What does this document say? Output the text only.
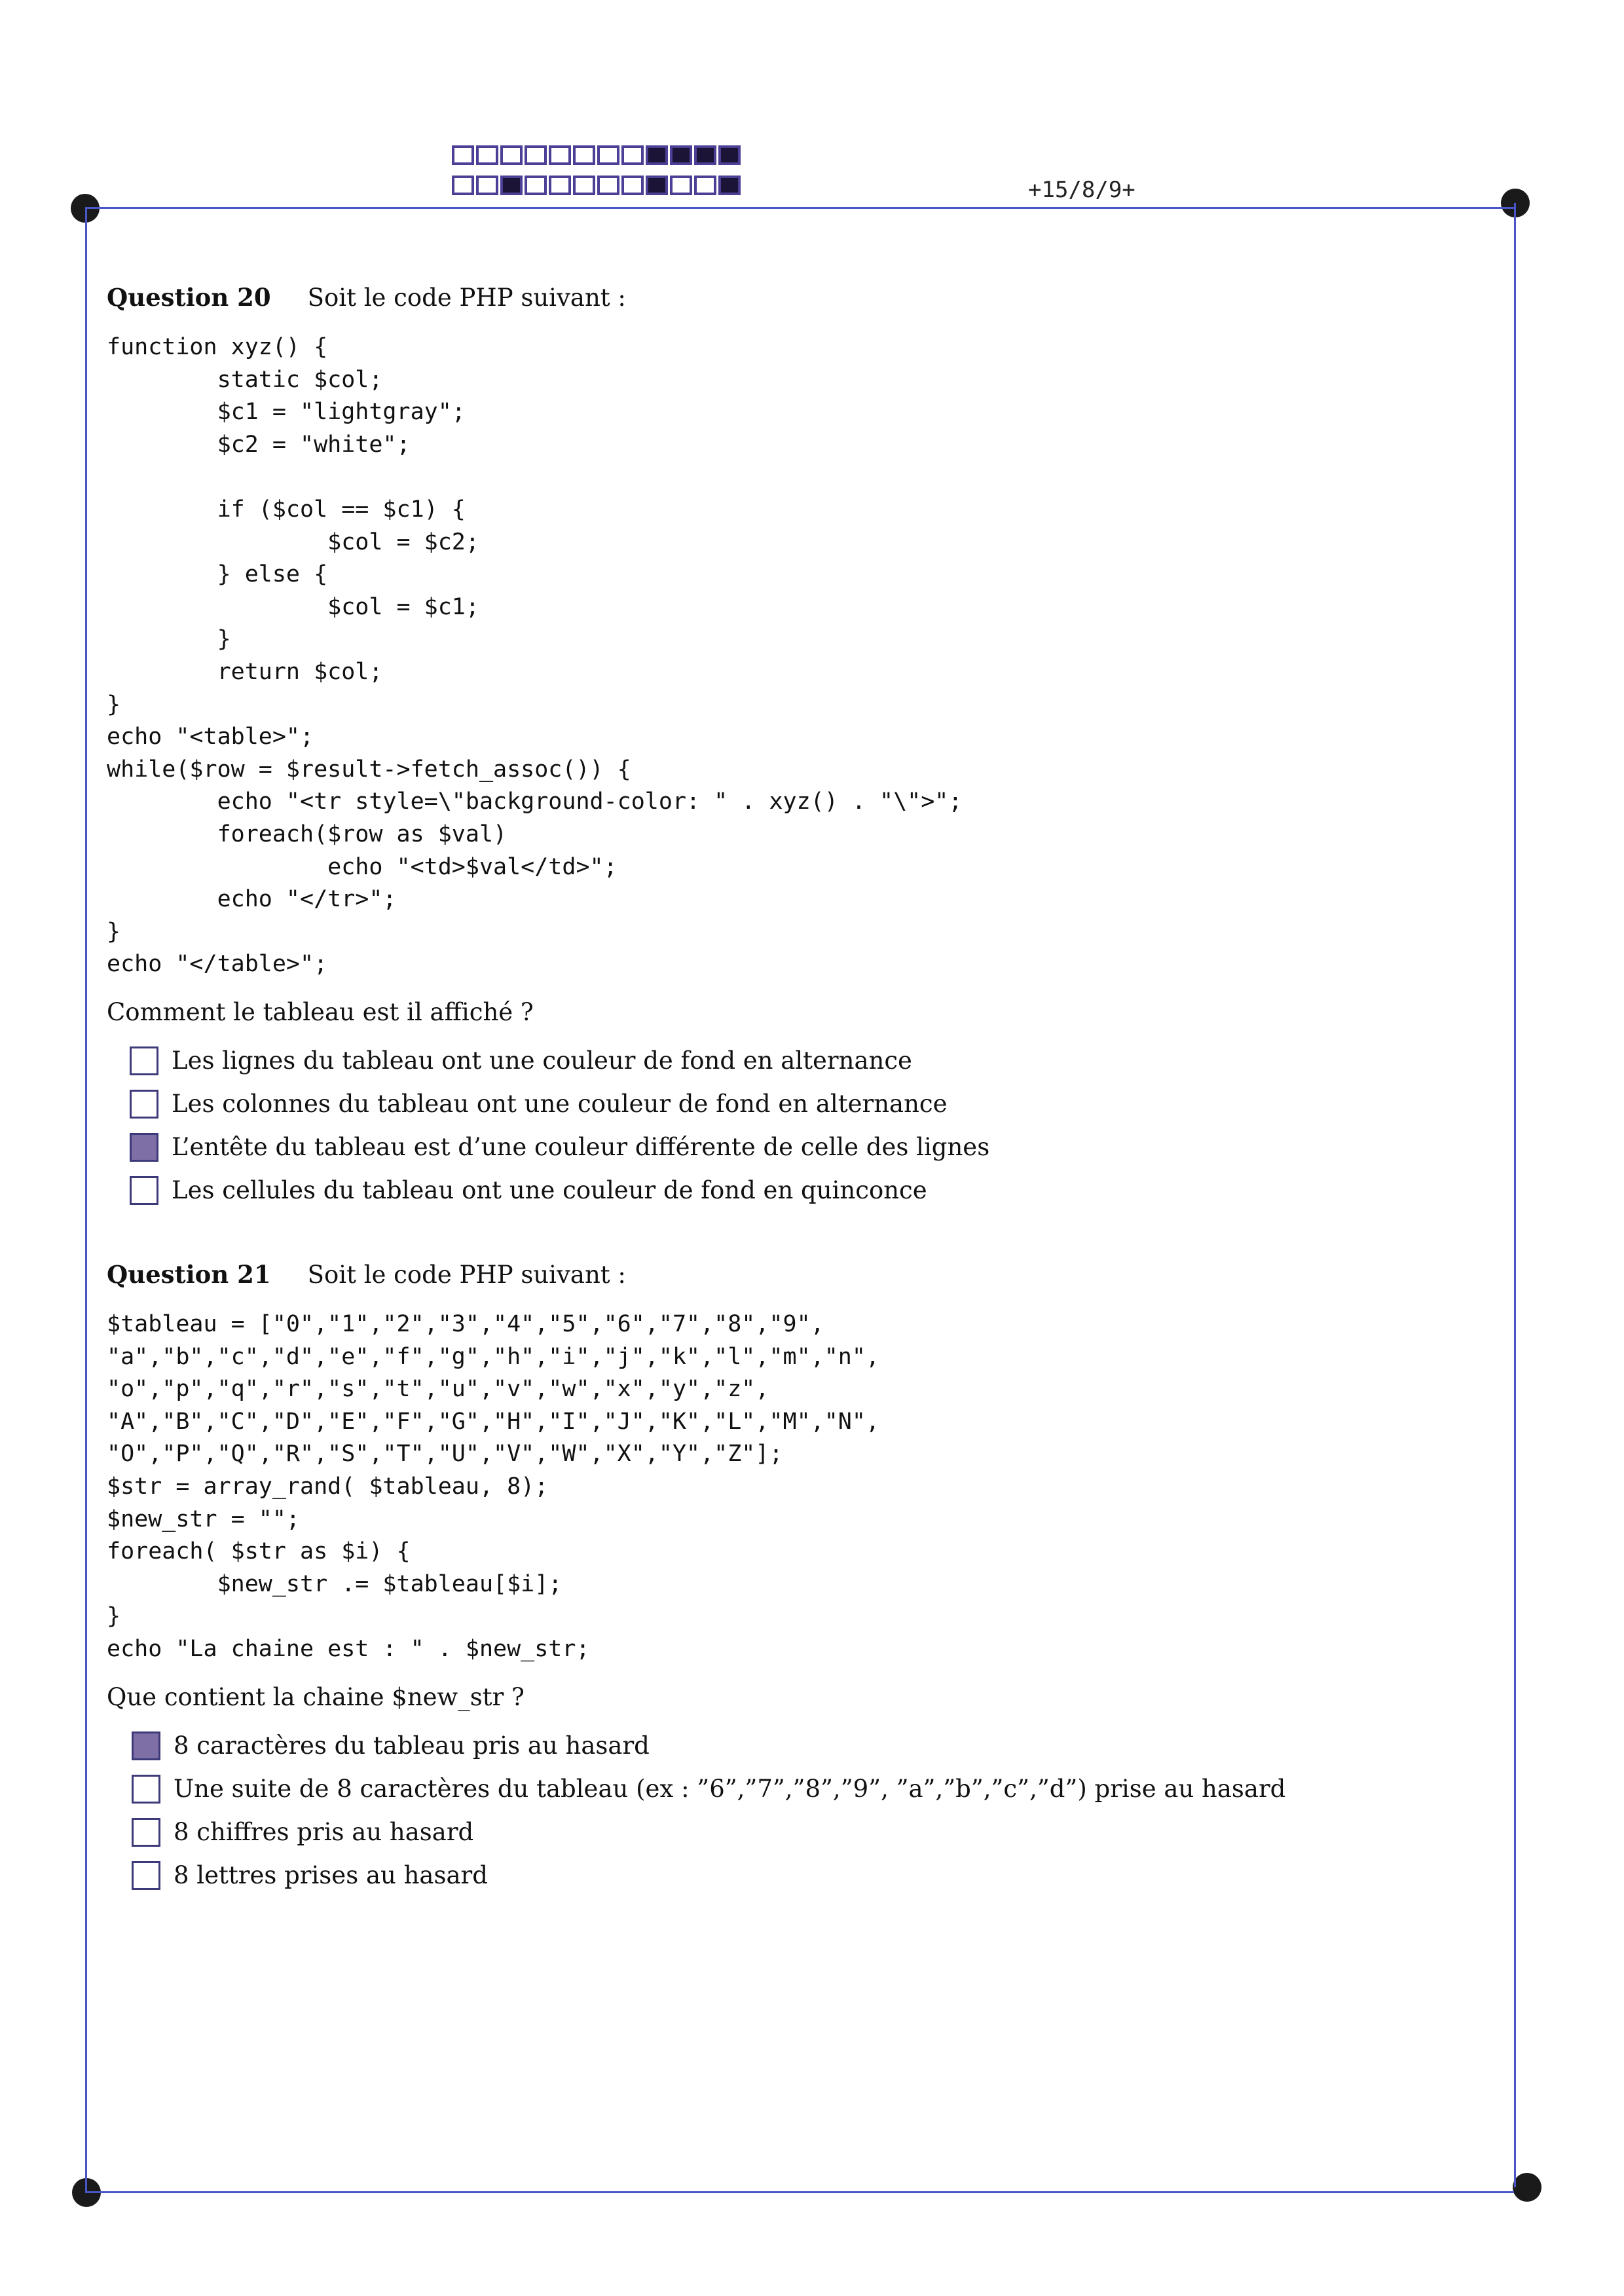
+15/8/9+
Question 20 Soit le code PHP suivant :
function xyz() {
static $col;
$c1 = "lightgray";
$c2 = "white";

if ($col == $c1) {
$col = $c2;
} else {
$col = $c1;
}
return $col;
}
echo "<table>";
while($row = $result->fetch_assoc()) {
echo "<tr style=\"background-color: " . xyz() . "\">";
foreach($row as $val)
echo "<td>$val</td>";
echo "</tr>";
}
echo "</table>";
Comment le tableau est il affiché ?
Les lignes du tableau ont une couleur de fond en alternance
Les colonnes du tableau ont une couleur de fond en alternance
L’entête du tableau est d’une couleur différente de celle des lignes
Les cellules du tableau ont une couleur de fond en quinconce
Question 21 Soit le code PHP suivant :
$tableau = ["0","1","2","3","4","5","6","7","8","9",
"a","b","c","d","e","f","g","h","i","j","k","l","m","n",
"o","p","q","r","s","t","u","v","w","x","y","z",
"A","B","C","D","E","F","G","H","I","J","K","L","M","N",
"O","P","Q","R","S","T","U","V","W","X","Y","Z"];
$str = array_rand( $tableau, 8);
$new_str = "";
foreach( $str as $i) {
$new_str .= $tableau[$i];
}
echo "La chaine est : " . $new_str;
Que contient la chaine $new_str ?
8 caractères du tableau pris au hasard
Une suite de 8 caractères du tableau (ex : ”6”,”7”,”8”,”9”, ”a”,”b”,”c”,”d”) prise au hasard
8 chiffres pris au hasard
8 lettres prises au hasard
